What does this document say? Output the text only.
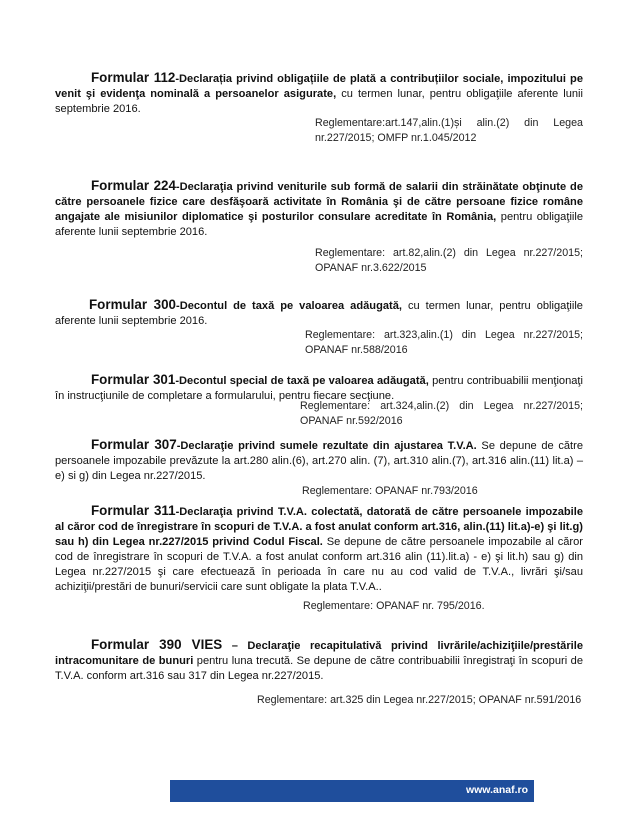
Formular 112-Declarația privind obligațiile de plată a contribuțiilor sociale, impozitului pe venit şi evidenţa nominală a persoanelor asigurate, cu termen lunar, pentru obligaţiile aferente lunii septembrie 2016.

Reglementare:art.147,alin.(1)și alin.(2) din Legea nr.227/2015; OMFP nr.1.045/2012

Formular 224-Declaraţia privind veniturile sub formă de salarii din străinătate obţinute de către persoanele fizice care desfăşoară activitate în România şi de către persoane fizice române angajate ale misiunilor diplomatice şi posturilor consulare acreditate în România, pentru obligaţiile aferente lunii septembrie 2016.

Reglementare: art.82,alin.(2) din Legea nr.227/2015; OPANAF nr.3.622/2015

Formular 300-Decontul de taxă pe valoarea adăugată, cu termen lunar, pentru obligaţiile aferente lunii septembrie 2016.

Reglementare: art.323,alin.(1) din Legea nr.227/2015; OPANAF nr.588/2016

Formular 301-Decontul special de taxă pe valoarea adăugată, pentru contribuabilii menţionaţi în instrucţiunile de completare a formularului, pentru fiecare secţiune.

Reglementare: art.324,alin.(2) din Legea nr.227/2015; OPANAF nr.592/2016

Formular 307-Declaraţie privind sumele rezultate din ajustarea T.V.A. Se depune de către persoanele impozabile prevăzute la art.280 alin.(6), art.270 alin. (7), art.310 alin.(7), art.316 alin.(11) lit.a) – e) si g) din Legea nr.227/2015.

Reglementare: OPANAF nr.793/2016

Formular 311-Declaraţia privind T.V.A. colectată, datorată de către persoanele impozabile al căror cod de înregistrare în scopuri de T.V.A. a fost anulat conform art.316, alin.(11) lit.a)-e) şi lit.g) sau h) din Legea nr.227/2015 privind Codul Fiscal. Se depune de către persoanele impozabile al căror cod de înregistrare în scopuri de T.V.A. a fost anulat conform art.316 alin (11).lit.a) - e) şi lit.h) sau g) din Legea nr.227/2015 şi care efectuează în perioada în care nu au cod valid de T.V.A., livrări şi/sau achiziţii/prestări de bunuri/servicii care sunt obligate la plata T.V.A..

Reglementare: OPANAF nr. 795/2016.

Formular 390 VIES – Declaraţie recapitulativă privind livrările/achiziţiile/prestările intracomunitare de bunuri pentru luna trecută. Se depune de către contribuabilii înregistraţi în scopuri de T.V.A. conform art.316 sau 317 din Legea nr.227/2015.

Reglementare: art.325 din Legea nr.227/2015; OPANAF nr.591/2016
www.anaf.ro
